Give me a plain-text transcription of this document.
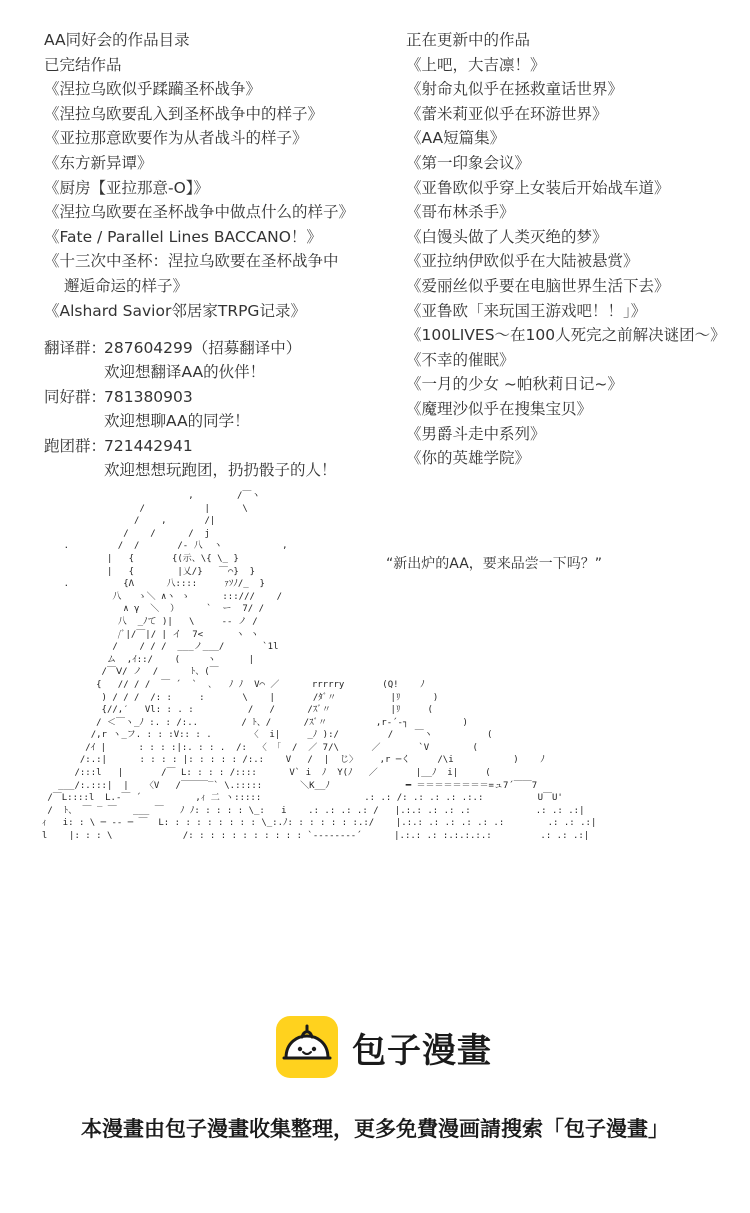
AA同好会的作品目录
已完结作品
《涅拉乌欧似乎蹂躏圣杯战争》
《涅拉乌欧要乱入到圣杯战争中的样子》
《亚拉那意欧要作为从者战斗的样子》
《东方新异谭》
《厨房【亚拉那意-O】》
《涅拉乌欧要在圣杯战争中做点什么的样子》
《Fate / Parallel Lines BACCANO！》
《十三次中圣杯：涅拉乌欧要在圣杯战争中
邂逅命运的样子》
《Alshard Savior邻居家TRPG记录》
正在更新中的作品
《上吧，大吉凛！》
《射命丸似乎在拯救童话世界》
《蕾米莉亚似乎在环游世界》
《AA短篇集》
《第一印象会议》
《亚鲁欧似乎穿上女装后开始战车道》
《哥布林杀手》
《白馒头做了人类灭绝的梦》
《亚拉纳伊欧似乎在大陆被悬赏》
《爱丽丝似乎要在电脑世界生活下去》
《亚鲁欧「来玩国王游戏吧！！」》
《100LIVES～在100人死完之前解决谜团～》
《不幸的催眠》
《一月的少女 ~帕秋莉日记~》
《魔理沙似乎在搜集宝贝》
《男爵斗走中系列》
《你的英雄学院》
翻译群：
287604299（招募翻译中）
欢迎想翻译AA的伙伴！
同好群：
781380903
欢迎想聊AA的同学！
跑团群：
721442941
欢迎想想玩跑团，扔扔骰子的人！
,        /￣ヽ
/           |      \
/    ,       /|
/    /      /  j
.         /  /       /‐ 八  ヽ           ,
|   {       {(示、\{ \_ }
|   {        |乂/}   ￣⌒}  }
.          {Λ      八::::     ｧｿﾉ/_  }
八   ゝ＼ ∧ヽ ゝ      :::///    /
∧ γ  ＼  ）     `  ー  7/ /
八  _ﾉて )|   \     -- ノ /
/ﾞ|/￣|/ | イ  7<      ヽ ヽ
/    / / /  ___ノ___/       `1l
ム  ,ｲ::/    (     ヽ      |
/￣Ⅴ/ ノ  /      ﾄ、(￣
{   // / /  ￣ ´  `  ､   ﾉ ﾉ  V⌒ ／      rrrrry       (Q!    ﾉ
) / / /  /: :     :       \    |       /ﾀﾞ〃          |ﾘ      )
{//,′   Vl: : . :          /   /      /ｽﾞ〃           |ﾘ     (
/ ＜￣ヽ_ﾉ :. : /:..        / ﾄ、/      /ｽﾞ〃         ,r‐´‐┐          )
/,r ヽ_フ. : : :V:: : .       〈  i|     _ﾉ ):/         /    ￣ヽ          (
/ｲ |      : : : :|:. : : .  /:  〈 「  /  ／ 7/\      ／       `V        (
/:.:|      : : : : |: : : : : /:.:    V   /  |  じ〉    ,r ─く     /\i           )    ﾉ
/:::l   |       /￣ L: : : : /::::      V` i  ﾉ  Y(ﾉ   ／       |__ﾉ  i|     (
___/:.:::|  |   〈V   /￣￣￣‾` \.:::::       ＼K__ﾉ              ━ ＝＝＝＝＝＝＝＝=ュ7´￣￣7
/￣L::::l  L.‐￣ ´          ,ｨ 二 ヽ:::::                   .: .: /: .: .: .: .:.:          U￣U'
/  ﾄ、 ￣ ‾ ￣   ___ ￣   ﾉ ﾉ: : : : : \_:   i    .: .: .: .: /   |.:.: .: .: .:            .: .: .:|
ｨ   i: : \ ─ ‐‐ ─ ￣  L: : : : : : : : : \_:.ﾉ: : : : : : :.:/    |.:.: .: .: .: .: .:        .: .: .:|
l    |: : : \             /: : : : : : : : : : : `‐‐‐‐‐‐‐‐´      |.:.: .: :.:.:.:.:         .: .: .:|
“新出炉的AA，要来品尝一下吗？”
包子漫畫
本漫畫由包子漫畫收集整理，更多免費漫画請搜索「包子漫畫」
